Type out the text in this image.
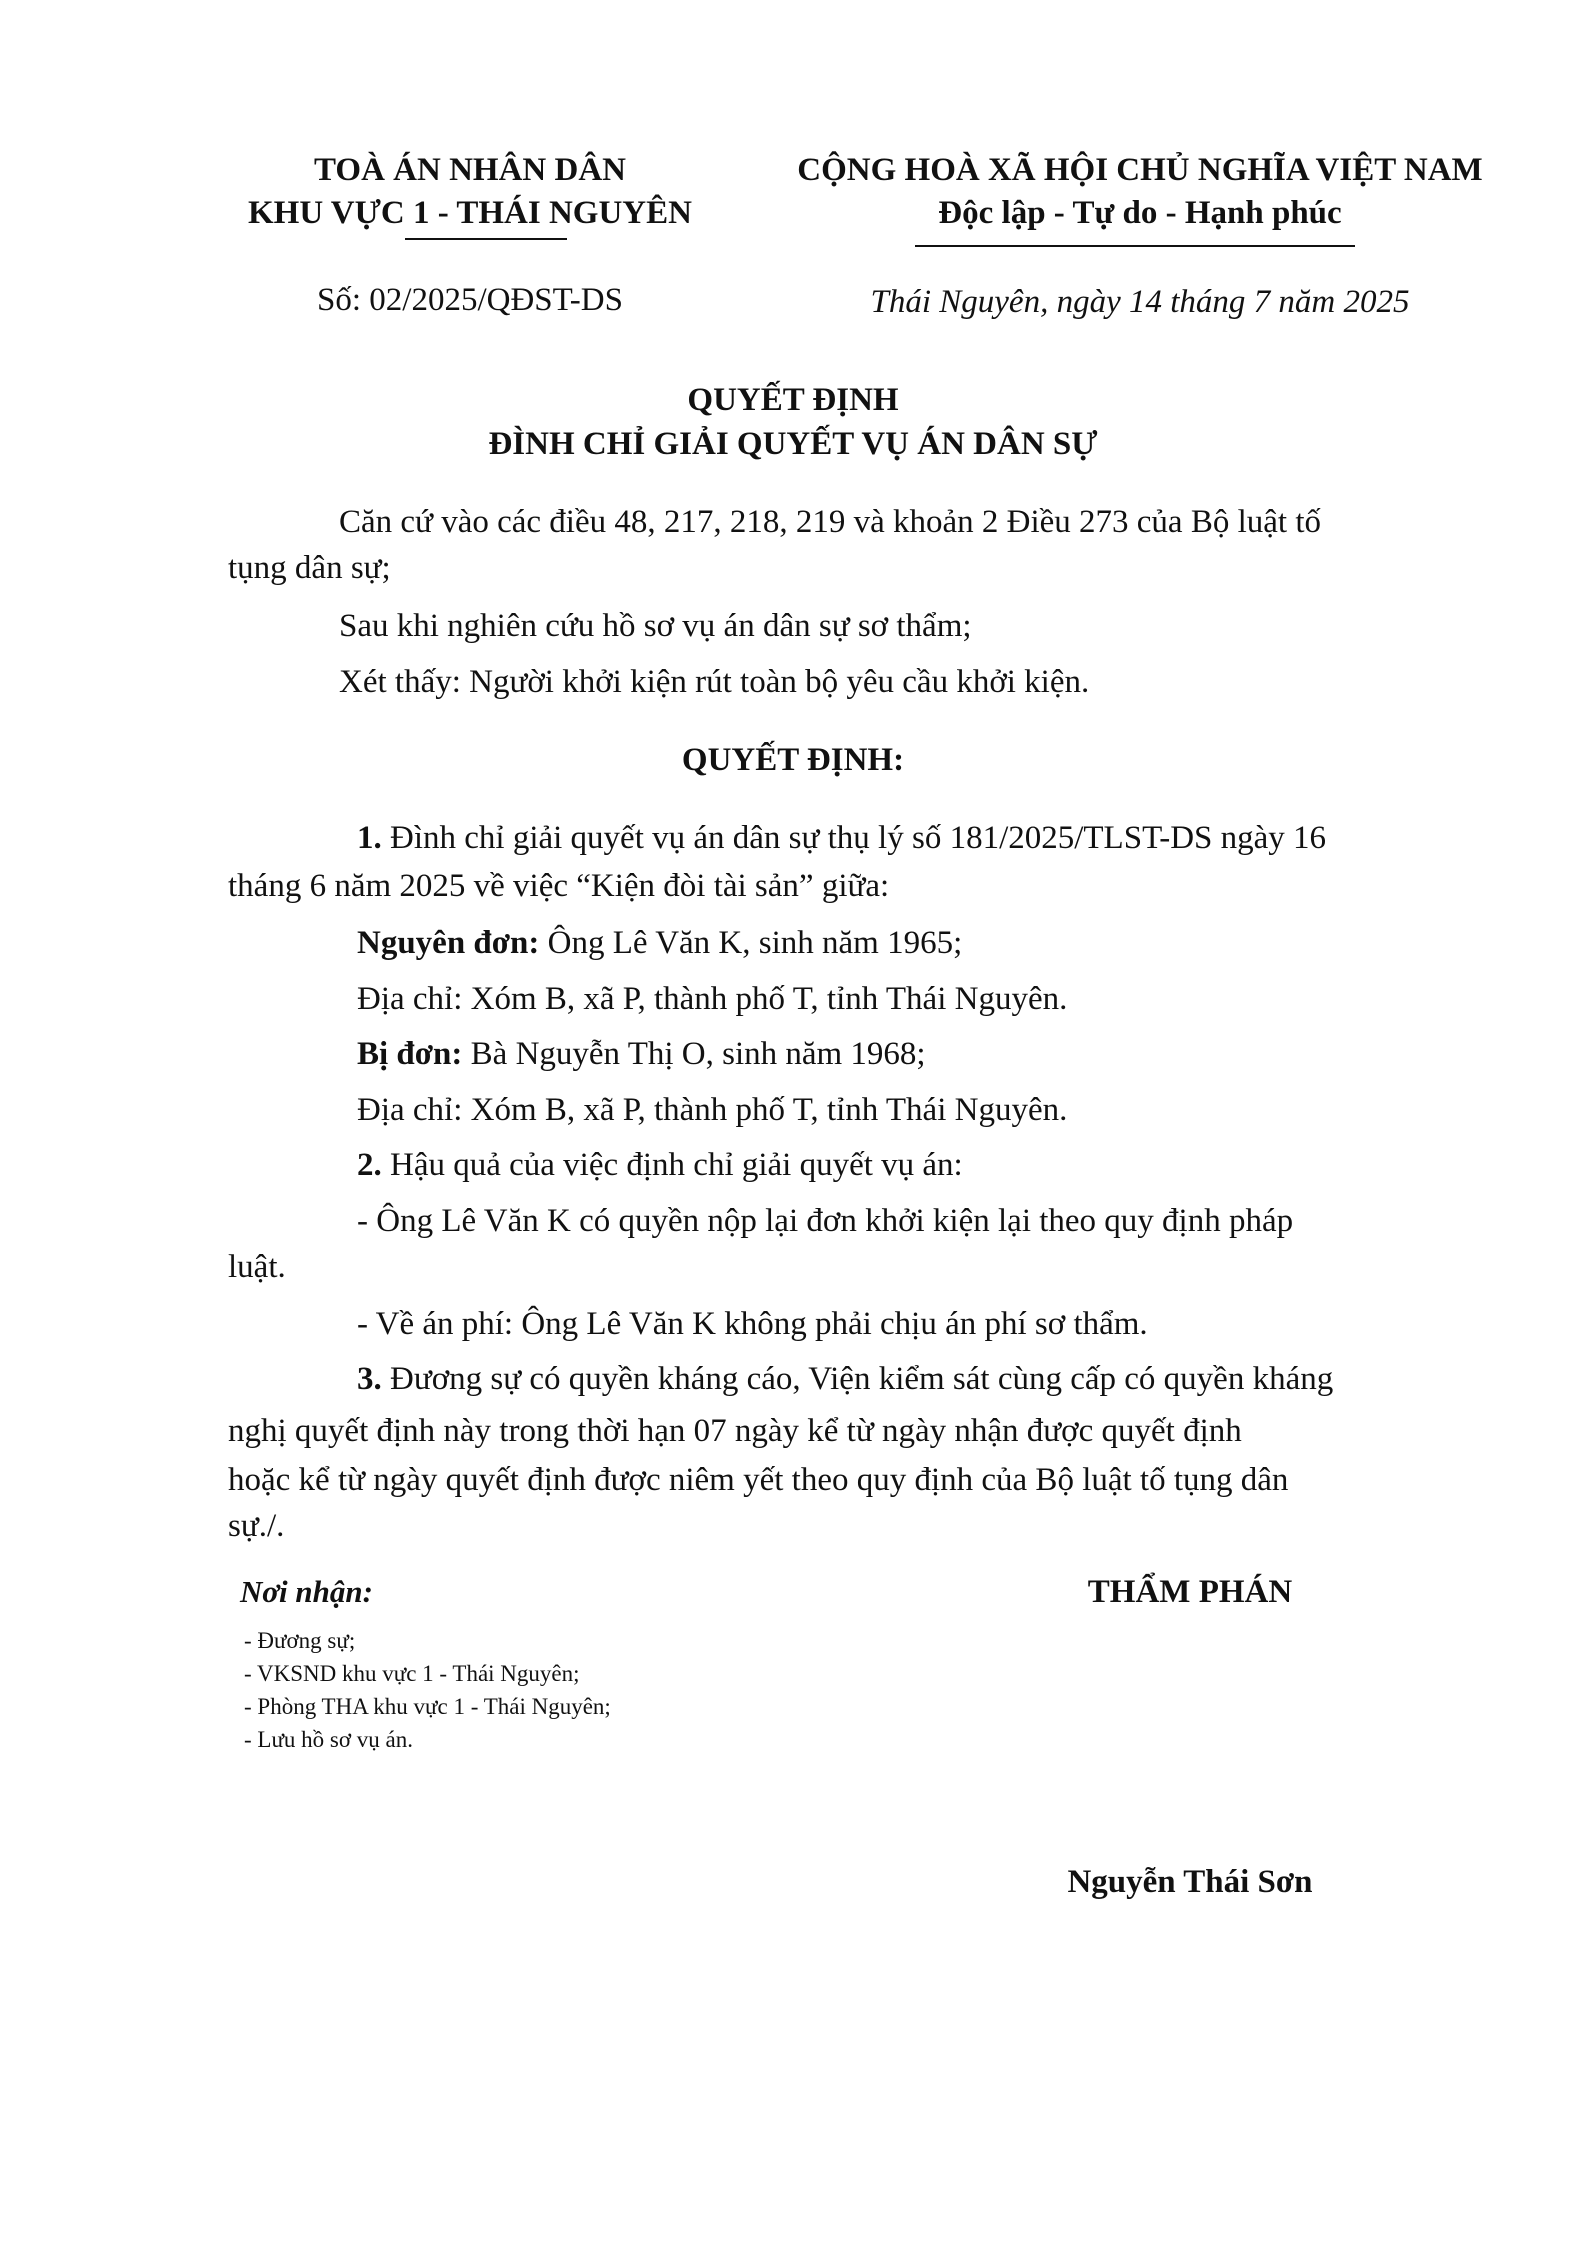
TOÀ ÁN NHÂN DÂN
KHU VỰC 1 - THÁI NGUYÊN
CỘNG HOÀ XÃ HỘI CHỦ NGHĨA VIỆT NAM
Độc lập - Tự do - Hạnh phúc
Số: 02/2025/QĐST-DS	Thái Nguyên, ngày 14 tháng 7 năm 2025
QUYẾT ĐỊNH
ĐÌNH CHỈ GIẢI QUYẾT VỤ ÁN DÂN SỰ
Căn cứ vào các điều 48, 217, 218, 219 và khoản 2 Điều 273 của Bộ luật tố
tụng dân sự;
Sau khi nghiên cứu hồ sơ vụ án dân sự sơ thẩm;
Xét thấy: Người khởi kiện rút toàn bộ yêu cầu khởi kiện.
QUYẾT ĐỊNH:
1. Đình chỉ giải quyết vụ án dân sự thụ lý số 181/2025/TLST-DS ngày 16
tháng 6 năm 2025 về việc “Kiện đòi tài sản” giữa:
Nguyên đơn: Ông Lê Văn K, sinh năm 1965;
Địa chỉ: Xóm B, xã P, thành phố T, tỉnh Thái Nguyên.
Bị đơn: Bà Nguyễn Thị O, sinh năm 1968;
Địa chỉ: Xóm B, xã P, thành phố T, tỉnh Thái Nguyên.
2. Hậu quả của việc định chỉ giải quyết vụ án:
- Ông Lê Văn K có quyền nộp lại đơn khởi kiện lại theo quy định pháp
luật.
- Về án phí: Ông Lê Văn K không phải chịu án phí sơ thẩm.
3. Đương sự có quyền kháng cáo, Viện kiểm sát cùng cấp có quyền kháng
nghị quyết định này trong thời hạn 07 ngày kể từ ngày nhận được quyết định
hoặc kể từ ngày quyết định được niêm yết theo quy định của Bộ luật tố tụng dân
sự./.
Nơi nhận:
- Đương sự;
- VKSND khu vực 1 - Thái Nguyên;
- Phòng THA khu vực 1 - Thái Nguyên;
- Lưu hồ sơ vụ án.
THẨM PHÁN
Nguyễn Thái Sơn
